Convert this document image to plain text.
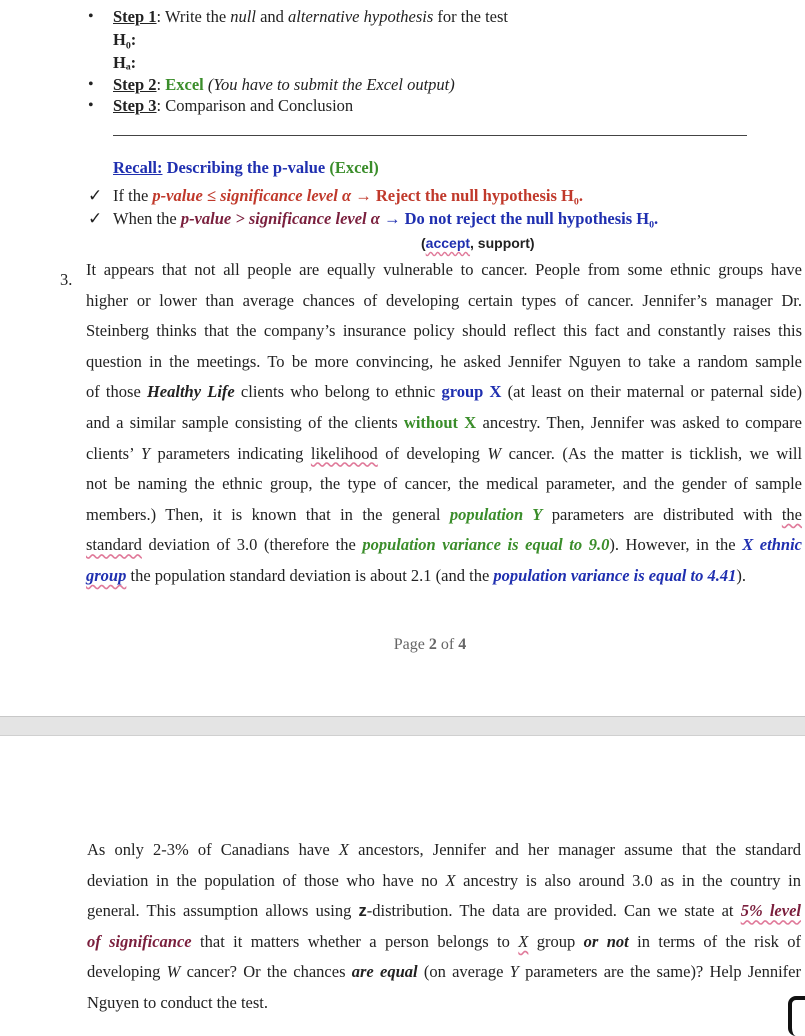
• Step 1: Write the null and alternative hypothesis for the test
H₀:
Hₐ:
• Step 2: Excel (You have to submit the Excel output)
• Step 3: Comparison and Conclusion
Recall: Describing the p-value (Excel)
✓ If the p-value ≤ significance level α → Reject the null hypothesis H₀.
✓ When the p-value > significance level α → Do not reject the null hypothesis H₀.
(accept, support)
3.
It appears that not all people are equally vulnerable to cancer. People from some ethnic groups have
higher or lower than average chances of developing certain types of cancer. Jennifer’s manager Dr.
Steinberg thinks that the company’s insurance policy should reflect this fact and constantly raises this
question in the meetings. To be more convincing, he asked Jennifer Nguyen to take a random sample
of those Healthy Life clients who belong to ethnic group X (at least on their maternal or paternal side)
and a similar sample consisting of the clients without X ancestry. Then, Jennifer was asked to compare
clients’ Y parameters indicating likelihood of developing W cancer. (As the matter is ticklish, we will
not be naming the ethnic group, the type of cancer, the medical parameter, and the gender of sample
members.) Then, it is known that in the general population Y parameters are distributed with the
standard deviation of 3.0 (therefore the population variance is equal to 9.0). However, in the X ethnic
group the population standard deviation is about 2.1 (and the population variance is equal to 4.41).
Page 2 of 4
As only 2-3% of Canadians have X ancestors, Jennifer and her manager assume that the standard
deviation in the population of those who have no X ancestry is also around 3.0 as in the country in
general. This assumption allows using z-distribution. The data are provided. Can we state at 5% level
of significance that it matters whether a person belongs to X group or not in terms of the risk of
developing W cancer? Or the chances are equal (on average Y parameters are the same)? Help Jennifer
Nguyen to conduct the test.
